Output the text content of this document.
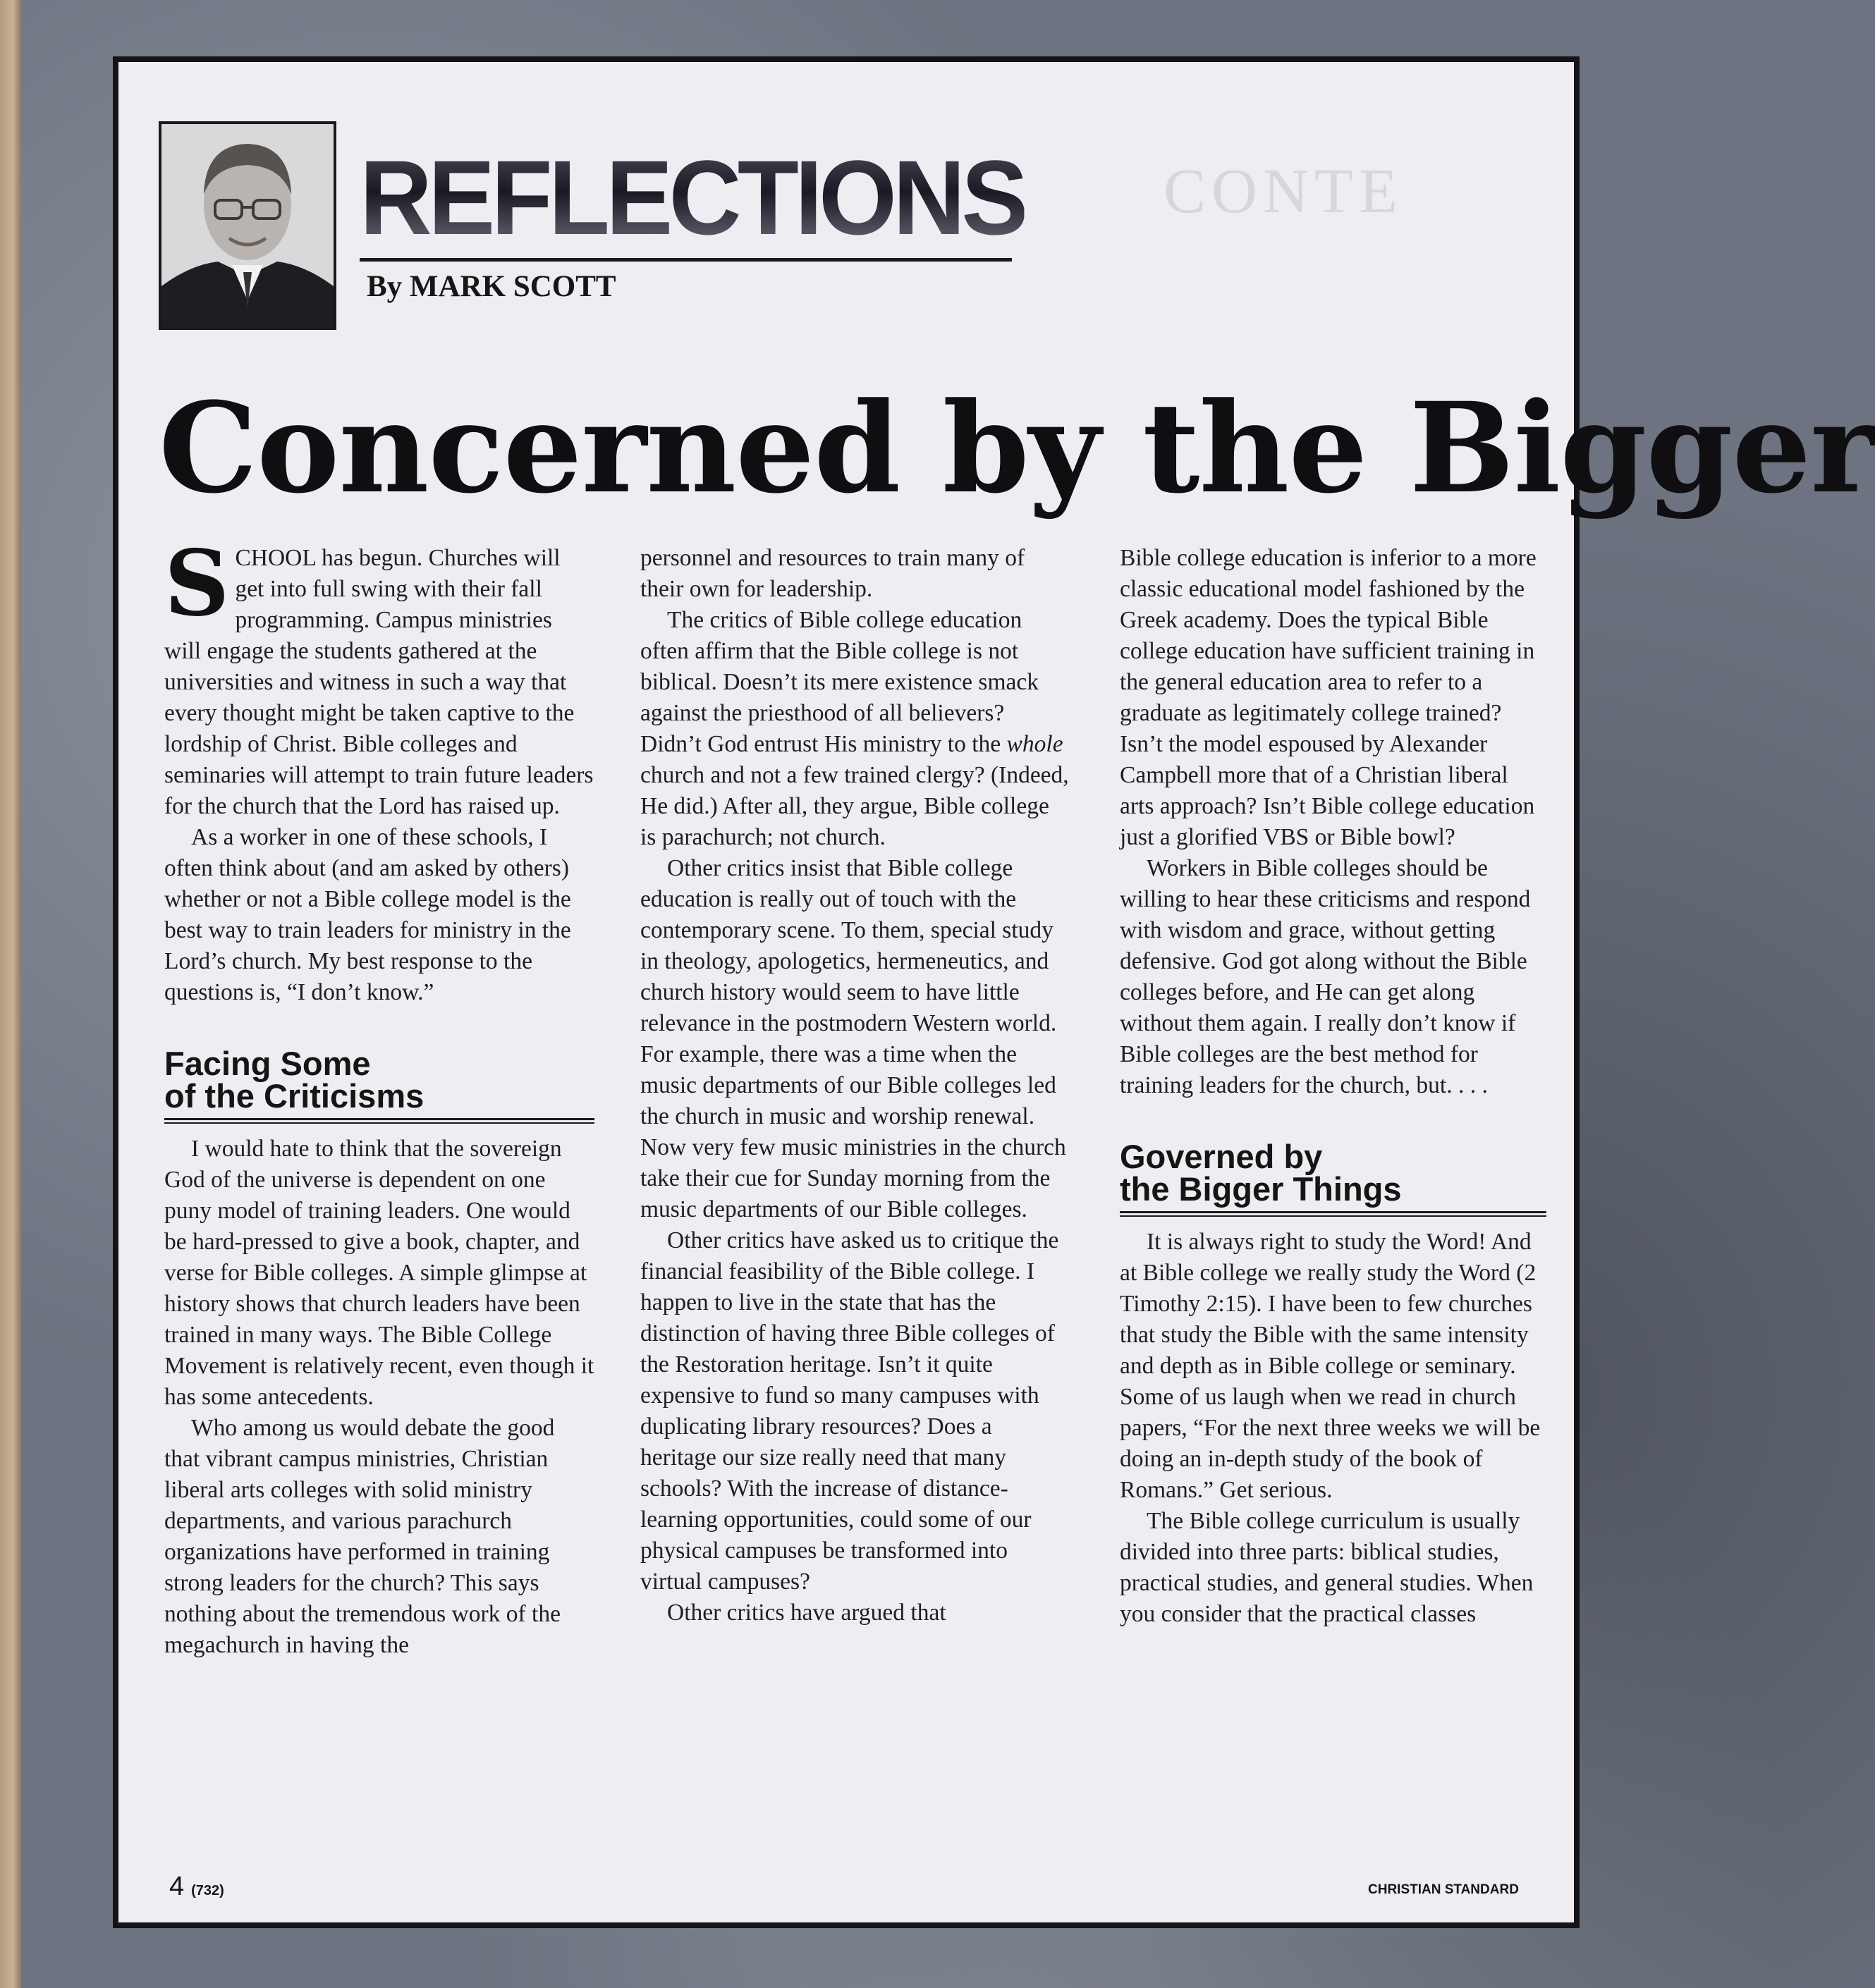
REFLECTIONS
By MARK SCOTT
CONTE
Concerned by the Bigger

SCHOOL has begun. Churches will get into full swing with their fall programming. Campus ministries will engage the students gathered at the universities and witness in such a way that every thought might be taken captive to the lordship of Christ. Bible colleges and seminaries will attempt to train future leaders for the church that the Lord has raised up.

As a worker in one of these schools, I often think about (and am asked by others) whether or not a Bible college model is the best way to train leaders for ministry in the Lord’s church. My best response to the questions is, “I don’t know.”

Facing Some
of the Criticisms

I would hate to think that the sovereign God of the universe is dependent on one puny model of training leaders. One would be hard-pressed to give a book, chapter, and verse for Bible colleges. A simple glimpse at history shows that church leaders have been trained in many ways. The Bible College Movement is relatively recent, even though it has some antecedents.

Who among us would debate the good that vibrant campus ministries, Christian liberal arts colleges with solid ministry departments, and various parachurch organizations have performed in training strong leaders for the church? This says nothing about the tremendous work of the megachurch in having the

personnel and resources to train many of their own for leadership.

The critics of Bible college education often affirm that the Bible college is not biblical. Doesn’t its mere existence smack against the priesthood of all believers? Didn’t God entrust His ministry to the whole church and not a few trained clergy? (Indeed, He did.) After all, they argue, Bible college is parachurch; not church.

Other critics insist that Bible college education is really out of touch with the contemporary scene. To them, special study in theology, apologetics, hermeneutics, and church history would seem to have little relevance in the postmodern Western world. For example, there was a time when the music departments of our Bible colleges led the church in music and worship renewal. Now very few music ministries in the church take their cue for Sunday morning from the music departments of our Bible colleges.

Other critics have asked us to critique the financial feasibility of the Bible college. I happen to live in the state that has the distinction of having three Bible colleges of the Restoration heritage. Isn’t it quite expensive to fund so many campuses with duplicating library resources? Does a heritage our size really need that many schools? With the increase of distance-learning opportunities, could some of our physical campuses be transformed into virtual campuses?

Other critics have argued that

Bible college education is inferior to a more classic educational model fashioned by the Greek academy. Does the typical Bible college education have sufficient training in the general education area to refer to a graduate as legitimately college trained? Isn’t the model espoused by Alexander Campbell more that of a Christian liberal arts approach? Isn’t Bible college education just a glorified VBS or Bible bowl?

Workers in Bible colleges should be willing to hear these criticisms and respond with wisdom and grace, without getting defensive. God got along without the Bible colleges before, and He can get along without them again. I really don’t know if Bible colleges are the best method for training leaders for the church, but. . . .

Governed by
the Bigger Things

It is always right to study the Word! And at Bible college we really study the Word (2 Timothy 2:15). I have been to few churches that study the Bible with the same intensity and depth as in Bible college or seminary. Some of us laugh when we read in church papers, “For the next three weeks we will be doing an in-depth study of the book of Romans.” Get serious.

The Bible college curriculum is usually divided into three parts: biblical studies, practical studies, and general studies. When you consider that the practical classes

4 (732)	CHRISTIAN STANDARD
